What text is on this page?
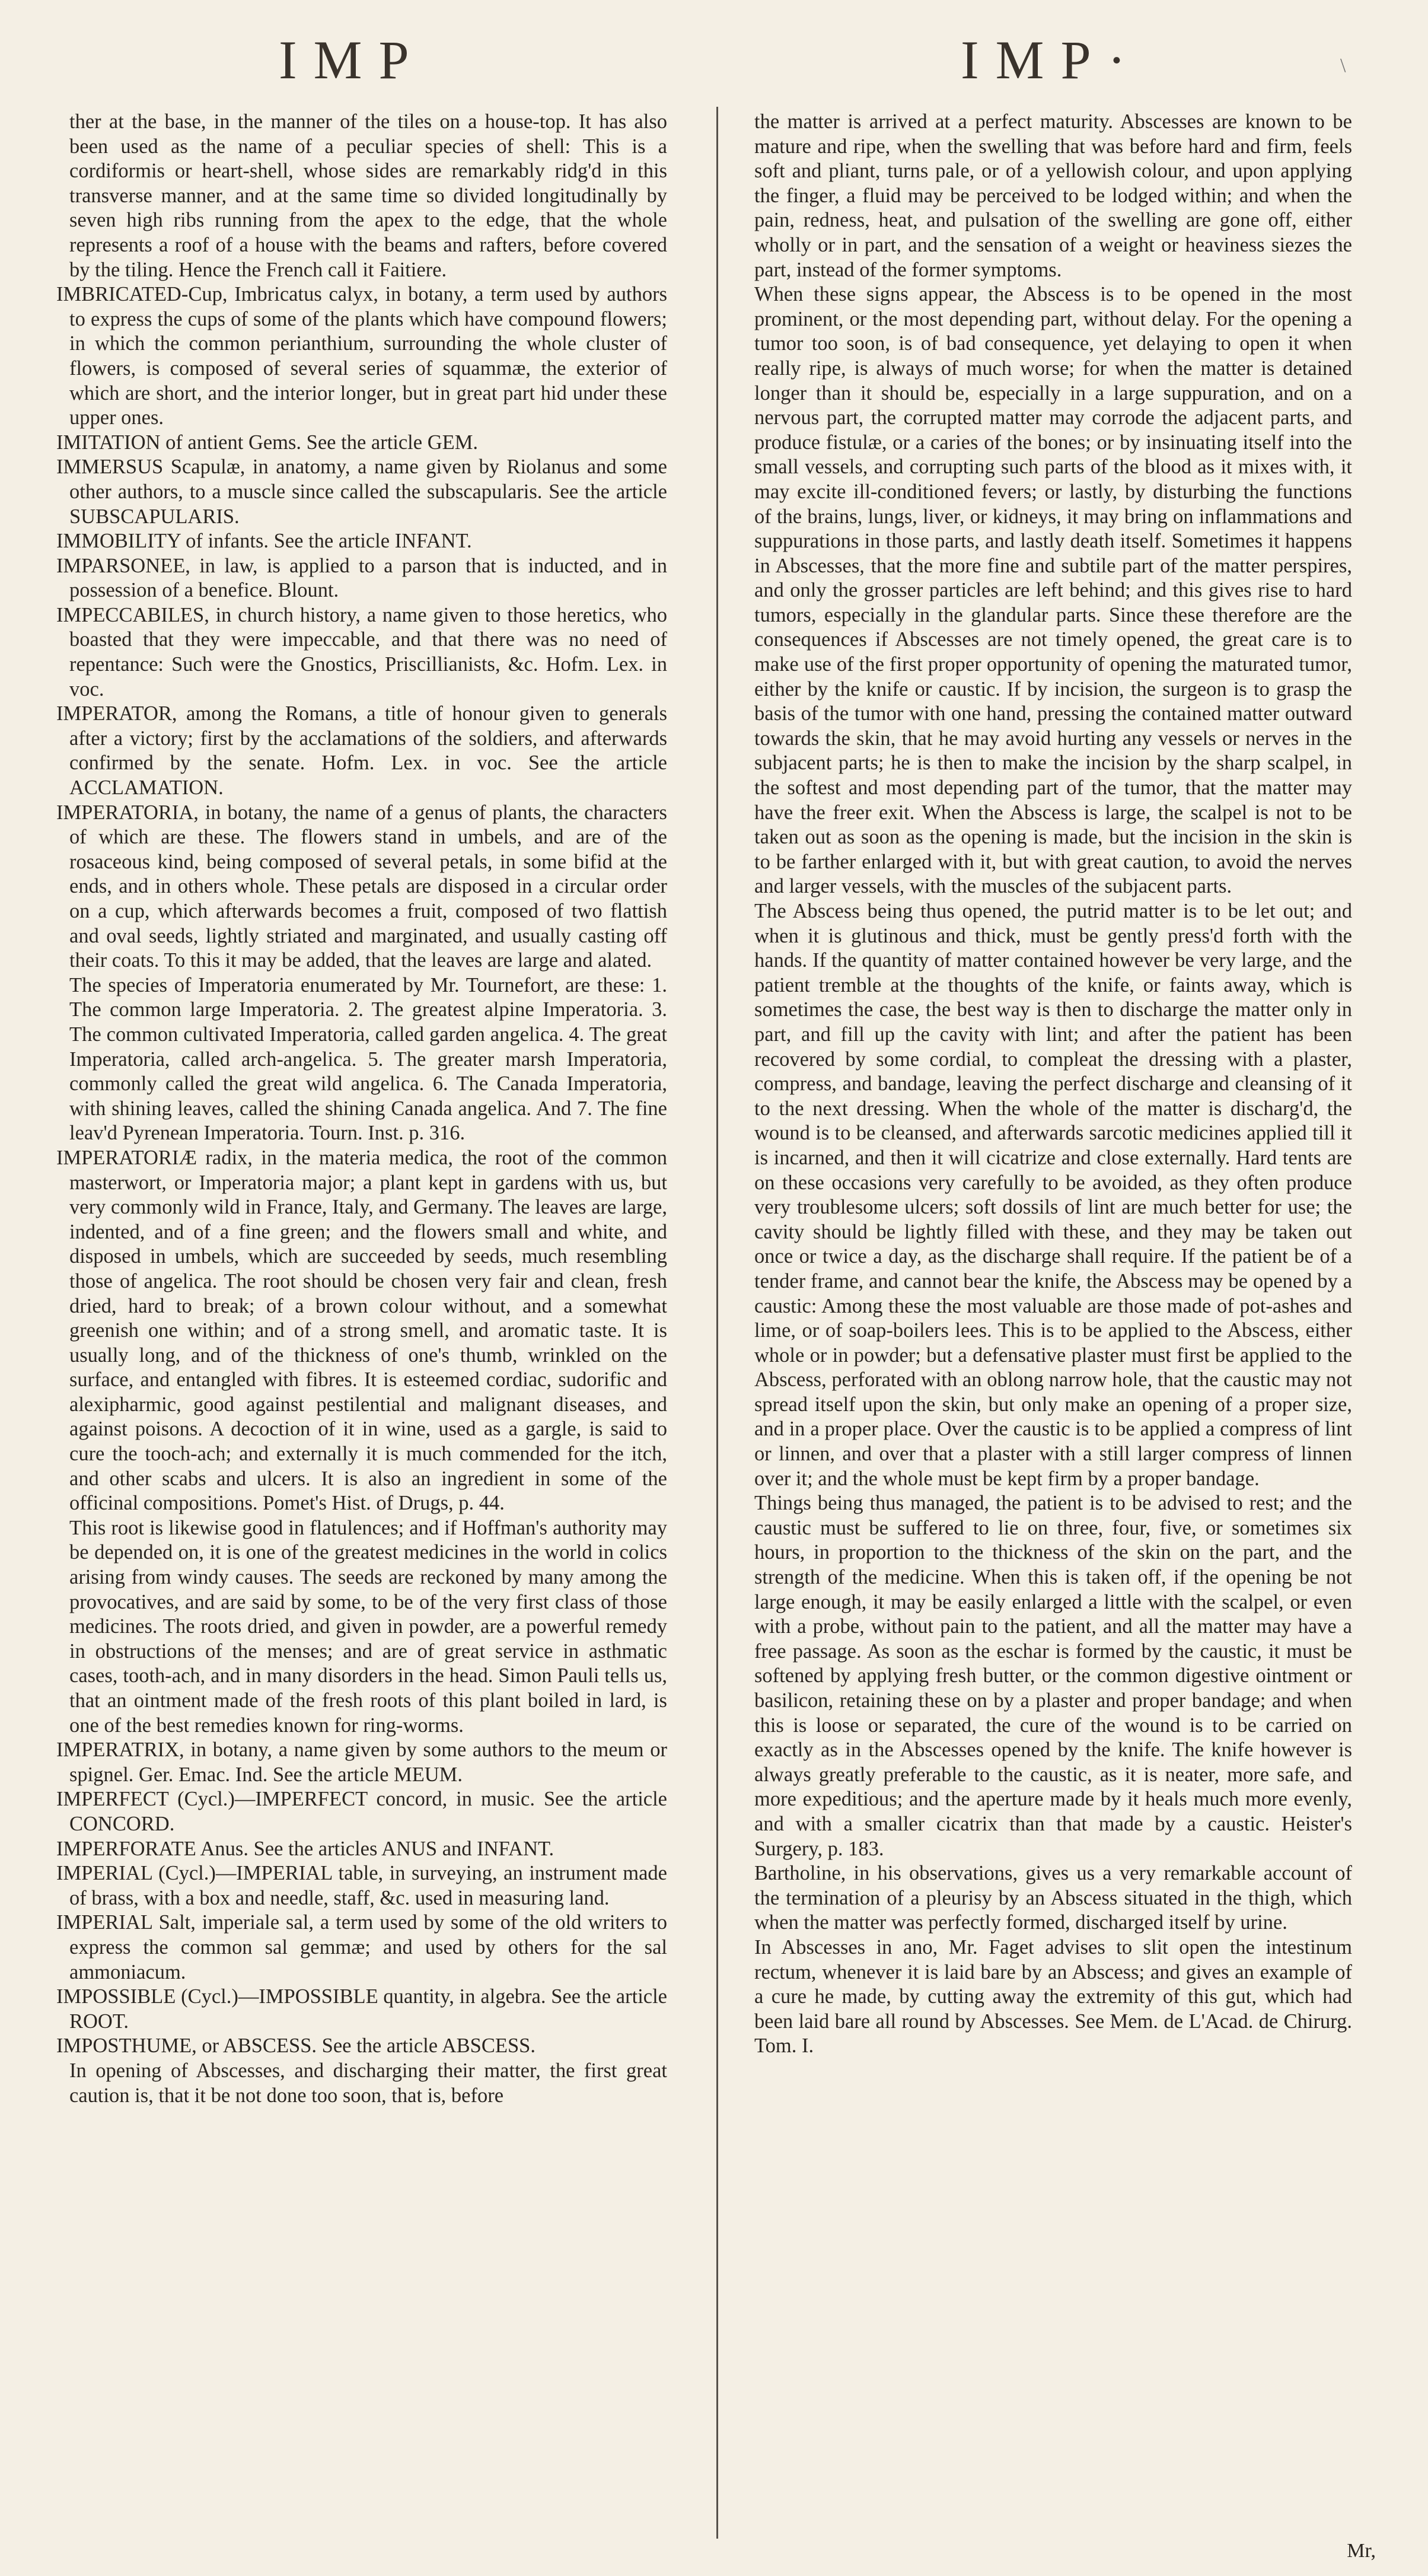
IMP	IMP·	\

ther at the base, in the manner of the tiles on a house-top. It has also been used as the name of a peculiar species of shell: This is a cordiformis or heart-shell, whose sides are remarkably ridg'd in this transverse manner, and at the same time so divided longitudinally by seven high ribs running from the apex to the edge, that the whole represents a roof of a house with the beams and rafters, before covered by the tiling. Hence the French call it Faitiere.

IMBRICATED-Cup, Imbricatus calyx, in botany, a term used by authors to express the cups of some of the plants which have compound flowers; in which the common perianthium, surrounding the whole cluster of flowers, is composed of several series of squammæ, the exterior of which are short, and the interior longer, but in great part hid under these upper ones.

IMITATION of antient Gems. See the article GEM.

IMMERSUS Scapulæ, in anatomy, a name given by Riolanus and some other authors, to a muscle since called the subscapularis. See the article SUBSCAPULARIS.

IMMOBILITY of infants. See the article INFANT.

IMPARSONEE, in law, is applied to a parson that is inducted, and in possession of a benefice. Blount.

IMPECCABILES, in church history, a name given to those heretics, who boasted that they were impeccable, and that there was no need of repentance: Such were the Gnostics, Priscillianists, &c. Hofm. Lex. in voc.

IMPERATOR, among the Romans, a title of honour given to generals after a victory; first by the acclamations of the soldiers, and afterwards confirmed by the senate. Hofm. Lex. in voc. See the article ACCLAMATION.

IMPERATORIA, in botany, the name of a genus of plants, the characters of which are these. The flowers stand in umbels, and are of the rosaceous kind, being composed of several petals, in some bifid at the ends, and in others whole. These petals are disposed in a circular order on a cup, which afterwards becomes a fruit, composed of two flattish and oval seeds, lightly striated and marginated, and usually casting off their coats. To this it may be added, that the leaves are large and alated.

The species of Imperatoria enumerated by Mr. Tournefort, are these: 1. The common large Imperatoria. 2. The greatest alpine Imperatoria. 3. The common cultivated Imperatoria, called garden angelica. 4. The great Imperatoria, called arch-angelica. 5. The greater marsh Imperatoria, commonly called the great wild angelica. 6. The Canada Imperatoria, with shining leaves, called the shining Canada angelica. And 7. The fine leav'd Pyrenean Imperatoria. Tourn. Inst. p. 316.

IMPERATORIÆ radix, in the materia medica, the root of the common masterwort, or Imperatoria major; a plant kept in gardens with us, but very commonly wild in France, Italy, and Germany. The leaves are large, indented, and of a fine green; and the flowers small and white, and disposed in umbels, which are succeeded by seeds, much resembling those of angelica. The root should be chosen very fair and clean, fresh dried, hard to break; of a brown colour without, and a somewhat greenish one within; and of a strong smell, and aromatic taste. It is usually long, and of the thickness of one's thumb, wrinkled on the surface, and entangled with fibres. It is esteemed cordiac, sudorific and alexipharmic, good against pestilential and malignant diseases, and against poisons. A decoction of it in wine, used as a gargle, is said to cure the tooch-ach; and externally it is much commended for the itch, and other scabs and ulcers. It is also an ingredient in some of the officinal compositions. Pomet's Hist. of Drugs, p. 44.

This root is likewise good in flatulences; and if Hoffman's authority may be depended on, it is one of the greatest medicines in the world in colics arising from windy causes. The seeds are reckoned by many among the provocatives, and are said by some, to be of the very first class of those medicines. The roots dried, and given in powder, are a powerful remedy in obstructions of the menses; and are of great service in asthmatic cases, tooth-ach, and in many disorders in the head. Simon Pauli tells us, that an ointment made of the fresh roots of this plant boiled in lard, is one of the best remedies known for ring-worms.

IMPERATRIX, in botany, a name given by some authors to the meum or spignel. Ger. Emac. Ind. See the article MEUM.

IMPERFECT (Cycl.)—IMPERFECT concord, in music. See the article CONCORD.

IMPERFORATE Anus. See the articles ANUS and INFANT.

IMPERIAL (Cycl.)—IMPERIAL table, in surveying, an instrument made of brass, with a box and needle, staff, &c. used in measuring land.

IMPERIAL Salt, imperiale sal, a term used by some of the old writers to express the common sal gemmæ; and used by others for the sal ammoniacum.

IMPOSSIBLE (Cycl.)—IMPOSSIBLE quantity, in algebra. See the article ROOT.

IMPOSTHUME, or ABSCESS. See the article ABSCESS.

In opening of Abscesses, and discharging their matter, the first great caution is, that it be not done too soon, that is, before

the matter is arrived at a perfect maturity. Abscesses are known to be mature and ripe, when the swelling that was before hard and firm, feels soft and pliant, turns pale, or of a yellowish colour, and upon applying the finger, a fluid may be perceived to be lodged within; and when the pain, redness, heat, and pulsation of the swelling are gone off, either wholly or in part, and the sensation of a weight or heaviness siezes the part, instead of the former symptoms.

When these signs appear, the Abscess is to be opened in the most prominent, or the most depending part, without delay. For the opening a tumor too soon, is of bad consequence, yet delaying to open it when really ripe, is always of much worse; for when the matter is detained longer than it should be, especially in a large suppuration, and on a nervous part, the corrupted matter may corrode the adjacent parts, and produce fistulæ, or a caries of the bones; or by insinuating itself into the small vessels, and corrupting such parts of the blood as it mixes with, it may excite ill-conditioned fevers; or lastly, by disturbing the functions of the brains, lungs, liver, or kidneys, it may bring on inflammations and suppurations in those parts, and lastly death itself. Sometimes it happens in Abscesses, that the more fine and subtile part of the matter perspires, and only the grosser particles are left behind; and this gives rise to hard tumors, especially in the glandular parts. Since these therefore are the consequences if Abscesses are not timely opened, the great care is to make use of the first proper opportunity of opening the maturated tumor, either by the knife or caustic. If by incision, the surgeon is to grasp the basis of the tumor with one hand, pressing the contained matter outward towards the skin, that he may avoid hurting any vessels or nerves in the subjacent parts; he is then to make the incision by the sharp scalpel, in the softest and most depending part of the tumor, that the matter may have the freer exit. When the Abscess is large, the scalpel is not to be taken out as soon as the opening is made, but the incision in the skin is to be farther enlarged with it, but with great caution, to avoid the nerves and larger vessels, with the muscles of the subjacent parts.

The Abscess being thus opened, the putrid matter is to be let out; and when it is glutinous and thick, must be gently press'd forth with the hands. If the quantity of matter contained however be very large, and the patient tremble at the thoughts of the knife, or faints away, which is sometimes the case, the best way is then to discharge the matter only in part, and fill up the cavity with lint; and after the patient has been recovered by some cordial, to compleat the dressing with a plaster, compress, and bandage, leaving the perfect discharge and cleansing of it to the next dressing. When the whole of the matter is discharg'd, the wound is to be cleansed, and afterwards sarcotic medicines applied till it is incarned, and then it will cicatrize and close externally. Hard tents are on these occasions very carefully to be avoided, as they often produce very troublesome ulcers; soft dossils of lint are much better for use; the cavity should be lightly filled with these, and they may be taken out once or twice a day, as the discharge shall require. If the patient be of a tender frame, and cannot bear the knife, the Abscess may be opened by a caustic: Among these the most valuable are those made of pot-ashes and lime, or of soap-boilers lees. This is to be applied to the Abscess, either whole or in powder; but a defensative plaster must first be applied to the Abscess, perforated with an oblong narrow hole, that the caustic may not spread itself upon the skin, but only make an opening of a proper size, and in a proper place. Over the caustic is to be applied a compress of lint or linnen, and over that a plaster with a still larger compress of linnen over it; and the whole must be kept firm by a proper bandage.

Things being thus managed, the patient is to be advised to rest; and the caustic must be suffered to lie on three, four, five, or sometimes six hours, in proportion to the thickness of the skin on the part, and the strength of the medicine. When this is taken off, if the opening be not large enough, it may be easily enlarged a little with the scalpel, or even with a probe, without pain to the patient, and all the matter may have a free passage. As soon as the eschar is formed by the caustic, it must be softened by applying fresh butter, or the common digestive ointment or basilicon, retaining these on by a plaster and proper bandage; and when this is loose or separated, the cure of the wound is to be carried on exactly as in the Abscesses opened by the knife. The knife however is always greatly preferable to the caustic, as it is neater, more safe, and more expeditious; and the aperture made by it heals much more evenly, and with a smaller cicatrix than that made by a caustic. Heister's Surgery, p. 183.

Bartholine, in his observations, gives us a very remarkable account of the termination of a pleurisy by an Abscess situated in the thigh, which when the matter was perfectly formed, discharged itself by urine.

In Abscesses in ano, Mr. Faget advises to slit open the intestinum rectum, whenever it is laid bare by an Abscess; and gives an example of a cure he made, by cutting away the extremity of this gut, which had been laid bare all round by Abscesses. See Mem. de L'Acad. de Chirurg. Tom. I.

Mr,
